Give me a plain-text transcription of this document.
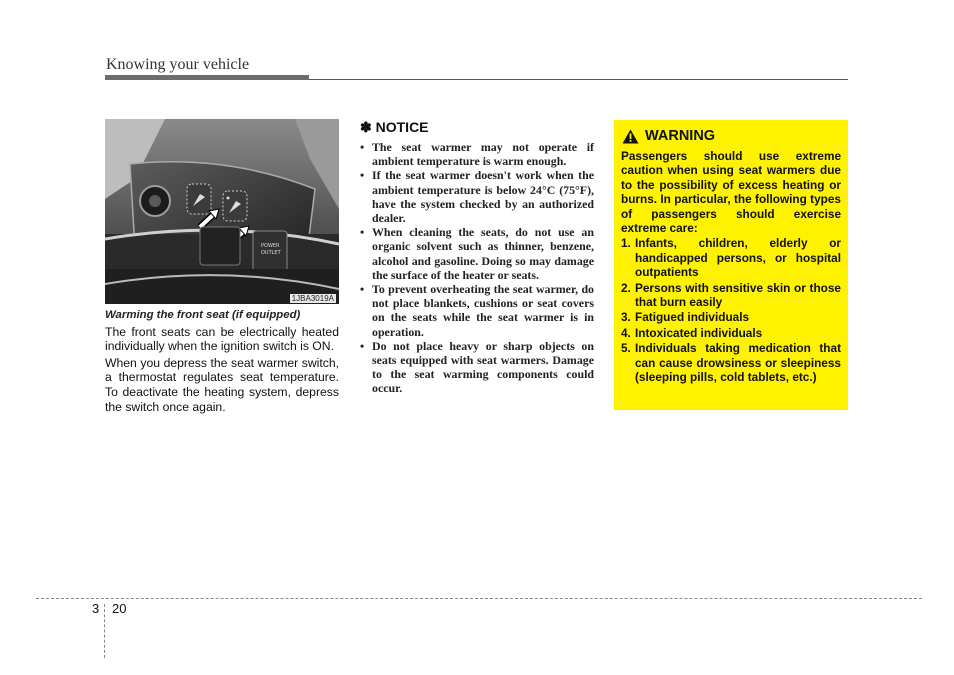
Knowing your vehicle
POWER
OUTLET
1JBA3019A

Warming the front seat (if equipped)

The front seats can be electrically heated individually when the ignition switch is ON.

When you depress the seat warmer switch, a thermostat regulates seat temperature. To deactivate the heating system, depress the switch once again.

✽ NOTICE
• The seat warmer may not operate if ambient temperature is warm enough.
• If the seat warmer doesn't work when the ambient temperature is below 24°C (75°F), have the system checked by an authorized dealer.
• When cleaning the seats, do not use an organic solvent such as thinner, benzene, alcohol and gasoline. Doing so may damage the surface of the heater or seats.
• To prevent overheating the seat warmer, do not place blankets, cushions or seat covers on the seats while the seat warmer is in operation.
• Do not place heavy or sharp objects on seats equipped with seat warmers. Damage to the seat warming components could occur.
WARNING

Passengers should use extreme caution when using seat warmers due to the possibility of excess heating or burns. In particular, the following types of passengers should exercise extreme care:

1. Infants, children, elderly or handicapped persons, or hospital outpatients
2. Persons with sensitive skin or those that burn easily
3. Fatigued individuals
4. Intoxicated individuals
5. Individuals taking medication that can cause drowsiness or sleepiness (sleeping pills, cold tablets, etc.)
3 20
